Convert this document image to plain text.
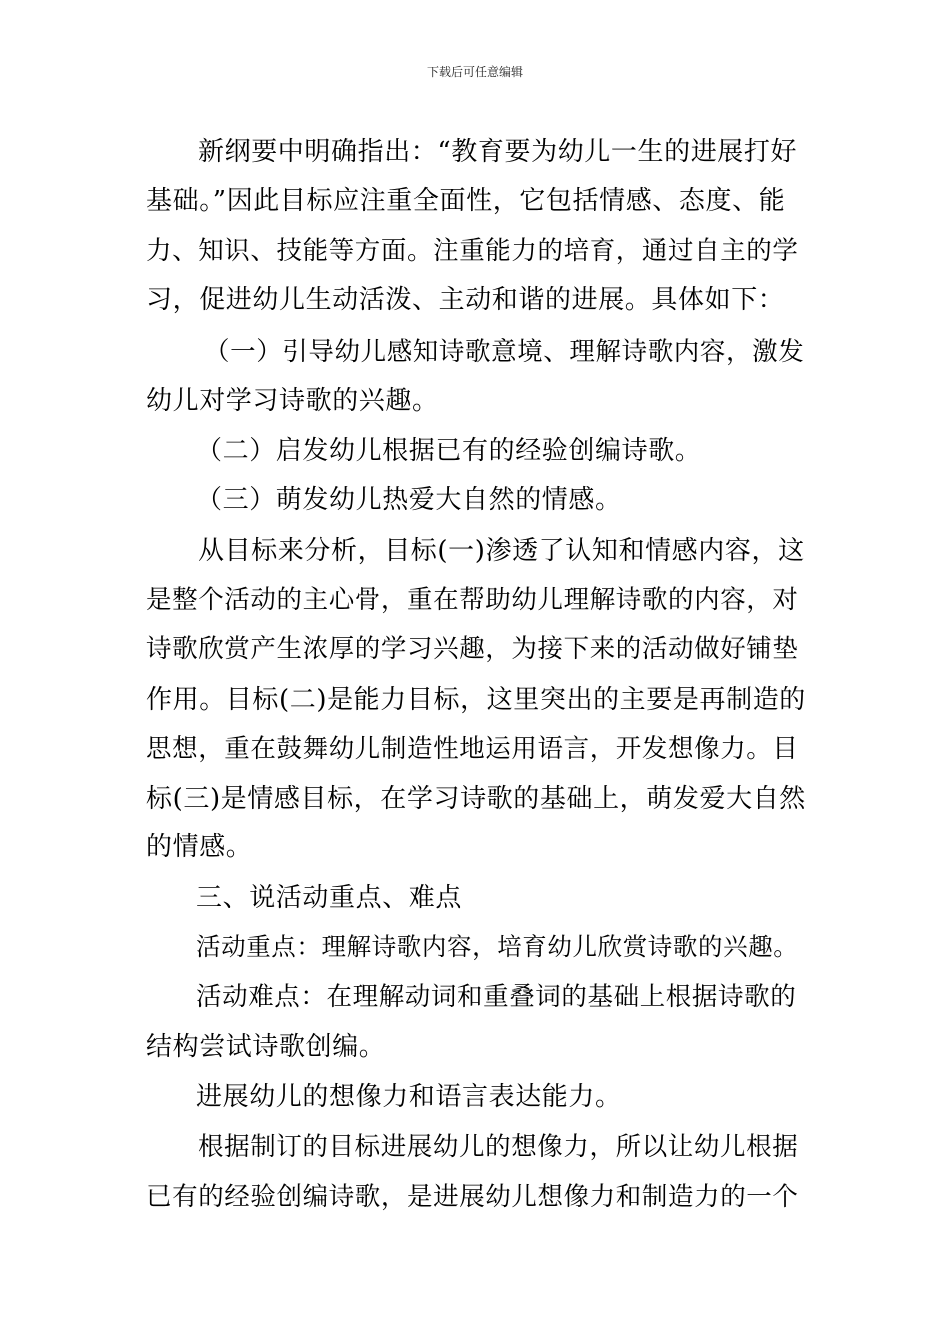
下载后可任意编辑
新纲要中明确指出：“教育要为幼儿一生的进展打好
基础。”因此目标应注重全面性，它包括情感、态度、能
力、知识、技能等方面。注重能力的培育，通过自主的学
习，促进幼儿生动活泼、主动和谐的进展。具体如下：
（一）引导幼儿感知诗歌意境、理解诗歌内容，激发
幼儿对学习诗歌的兴趣。
（二）启发幼儿根据已有的经验创编诗歌。
（三）萌发幼儿热爱大自然的情感。
从目标来分析，目标(一)渗透了认知和情感内容，这
是整个活动的主心骨，重在帮助幼儿理解诗歌的内容，对
诗歌欣赏产生浓厚的学习兴趣，为接下来的活动做好铺垫
作用。目标(二)是能力目标，这里突出的主要是再制造的
思想，重在鼓舞幼儿制造性地运用语言，开发想像力。目
标(三)是情感目标，在学习诗歌的基础上，萌发爱大自然
的情感。
三、说活动重点、难点
活动重点：理解诗歌内容，培育幼儿欣赏诗歌的兴趣。
活动难点：在理解动词和重叠词的基础上根据诗歌的
结构尝试诗歌创编。
进展幼儿的想像力和语言表达能力。
根据制订的目标进展幼儿的想像力，所以让幼儿根据
已有的经验创编诗歌，是进展幼儿想像力和制造力的一个
